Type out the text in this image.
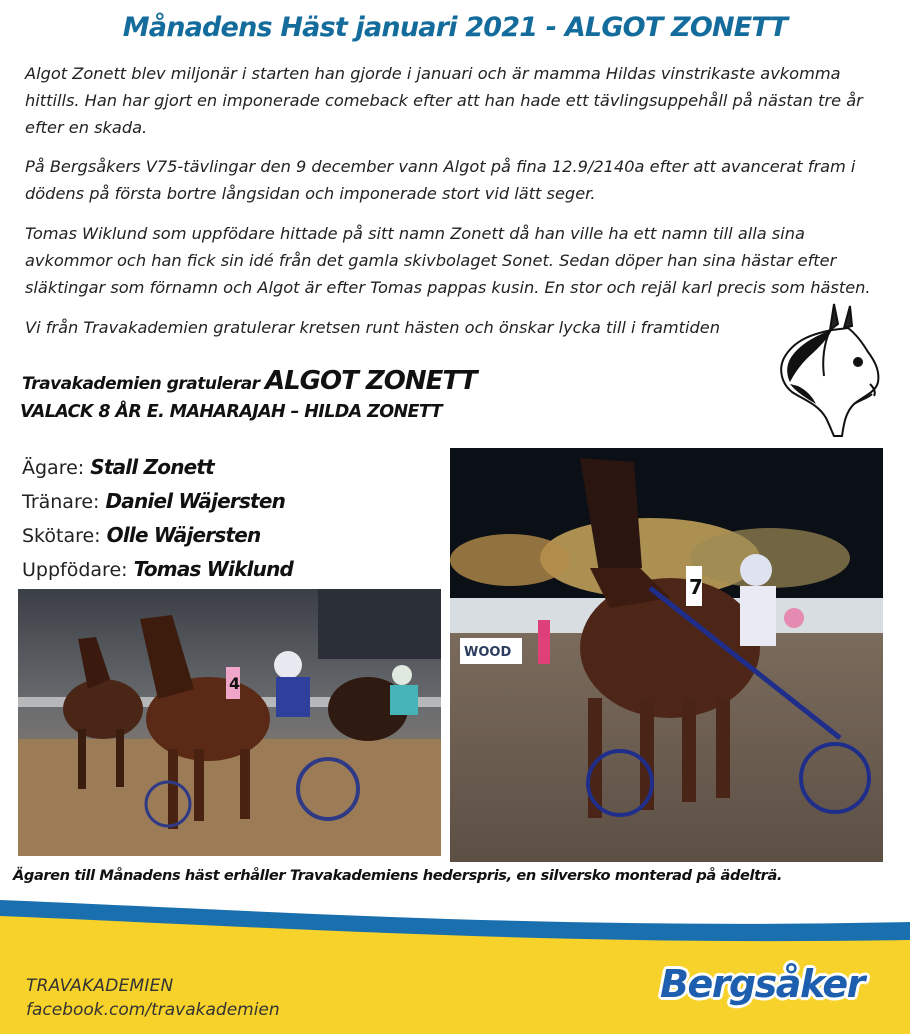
Månadens Häst januari 2021 - ALGOT ZONETT

Algot Zonett blev miljonär i starten han gjorde i januari och är mamma Hildas vinstrikaste avkomma hittills. Han har gjort en imponerade comeback efter att han hade ett tävlingsuppehåll på nästan tre år efter en skada.

På Bergsåkers V75-tävlingar den 9 december vann Algot på fina 12.9/2140a efter att avancerat fram i dödens på första bortre långsidan och imponerade stort vid lätt seger.

Tomas Wiklund som uppfödare hittade på sitt namn Zonett då han ville ha ett namn till alla sina avkommor och han fick sin idé från det gamla skivbolaget Sonet. Sedan döper han sina hästar efter släktingar som förnamn och Algot är efter Tomas pappas kusin. En stor och rejäl karl precis som hästen.

Vi från Travakademien gratulerar kretsen runt hästen och önskar lycka till i framtiden

Travakademien gratulerar ALGOT ZONETT
VALACK 8 ÅR E. MAHARAJAH – HILDA ZONETT
Ägare: Stall Zonett
Tränare: Daniel Wäjersten
Skötare: Olle Wäjersten
Uppfödare: Tomas Wiklund
4
WOOD
7
Ägaren till Månadens häst erhåller Travakademiens hederspris, en silversko monterad på ädelträ.
TRAVAKADEMIEN
facebook.com/travakademien
Bergsåker
